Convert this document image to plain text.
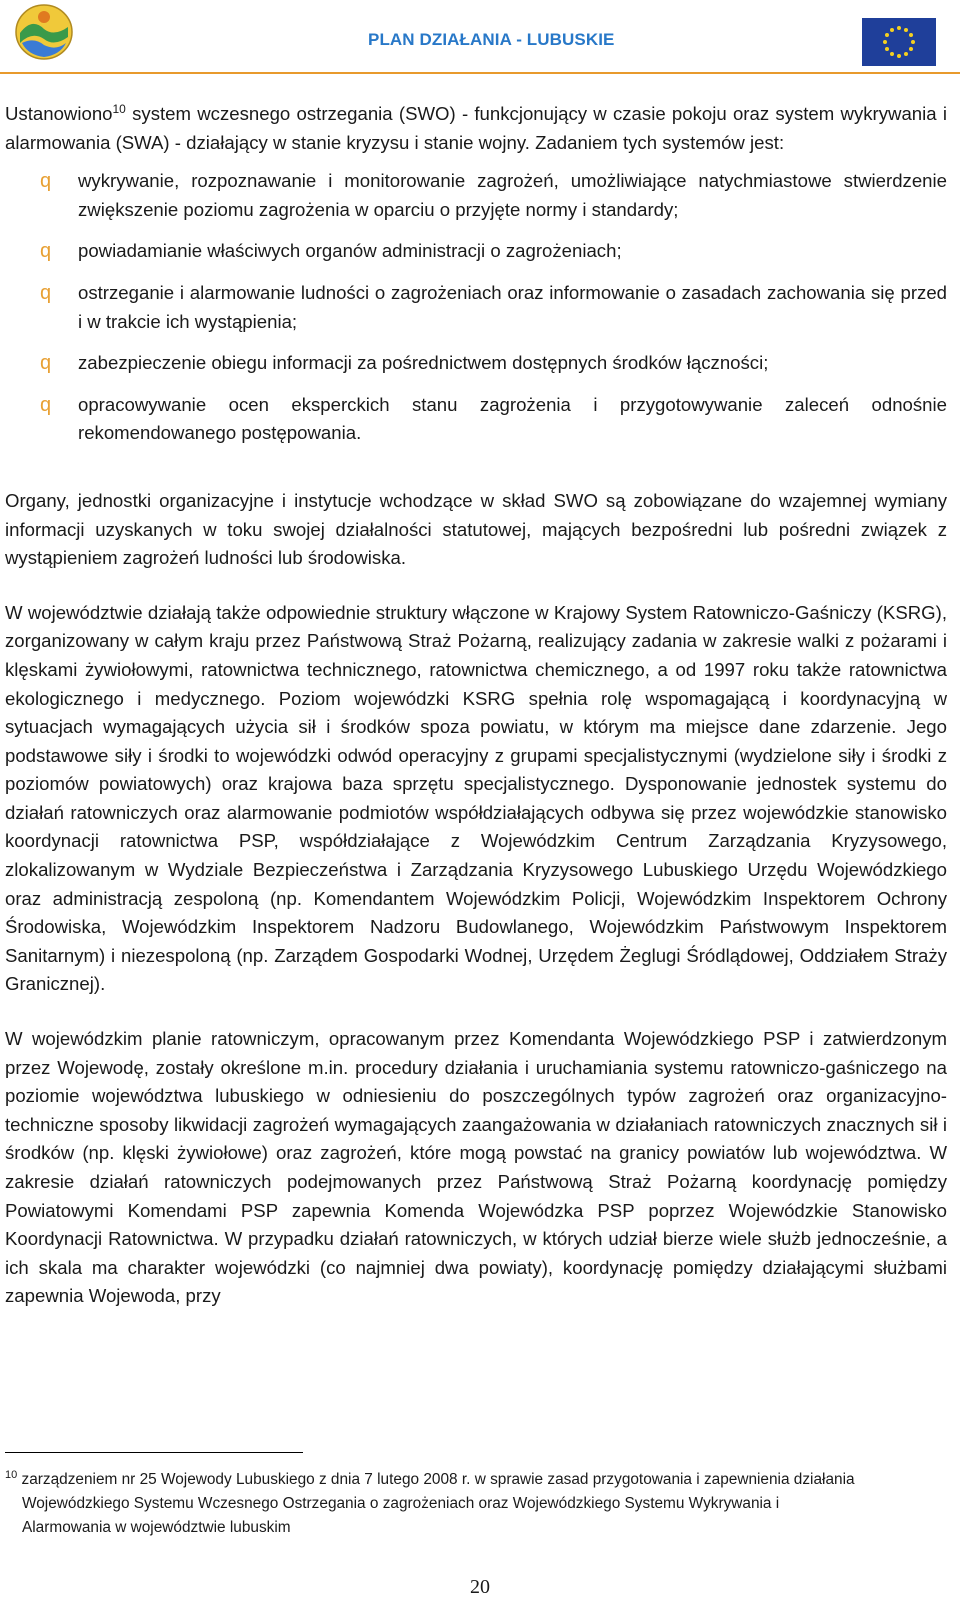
PLAN DZIAŁANIA - LUBUSKIE

Ustanowiono$^{10}$ system wczesnego ostrzegania (SWO) - funkcjonujący w czasie pokoju oraz system wykrywania i alarmowania (SWA) - działający w stanie kryzysu i stanie wojny. Zadaniem tych systemów jest:

q wykrywanie, rozpoznawanie i monitorowanie zagrożeń, umożliwiające natychmiastowe stwierdzenie zwiększenie poziomu zagrożenia w oparciu o przyjęte normy i standardy;
q powiadamianie właściwych organów administracji o zagrożeniach;
q ostrzeganie i alarmowanie ludności o zagrożeniach oraz informowanie o zasadach zachowania się przed i w trakcie ich wystąpienia;
q zabezpieczenie obiegu informacji za pośrednictwem dostępnych środków łączności;
q opracowywanie ocen eksperckich stanu zagrożenia i przygotowywanie zaleceń odnośnie rekomendowanego postępowania.

Organy, jednostki organizacyjne i instytucje wchodzące w skład SWO są zobowiązane do wzajemnej wymiany informacji uzyskanych w toku swojej działalności statutowej, mających bezpośredni lub pośredni związek z wystąpieniem zagrożeń ludności lub środowiska.

W województwie działają także odpowiednie struktury włączone w Krajowy System Ratowniczo-Gaśniczy (KSRG), zorganizowany w całym kraju przez Państwową Straż Pożarną, realizujący zadania w zakresie walki z pożarami i klęskami żywiołowymi, ratownictwa technicznego, ratownictwa chemicznego, a od 1997 roku także ratownictwa ekologicznego i medycznego. Poziom wojewódzki KSRG spełnia rolę wspomagającą i koordynacyjną w sytuacjach wymagających użycia sił i środków spoza powiatu, w którym ma miejsce dane zdarzenie. Jego podstawowe siły i środki to wojewódzki odwód operacyjny z grupami specjalistycznymi (wydzielone siły i środki z poziomów powiatowych) oraz krajowa baza sprzętu specjalistycznego. Dysponowanie jednostek systemu do działań ratowniczych oraz alarmowanie podmiotów współdziałających odbywa się przez wojewódzkie stanowisko koordynacji ratownictwa PSP, współdziałające z Wojewódzkim Centrum Zarządzania Kryzysowego, zlokalizowanym w Wydziale Bezpieczeństwa i Zarządzania Kryzysowego Lubuskiego Urzędu Wojewódzkiego oraz administracją zespoloną (np. Komendantem Wojewódzkim Policji, Wojewódzkim Inspektorem Ochrony Środowiska, Wojewódzkim Inspektorem Nadzoru Budowlanego, Wojewódzkim Państwowym Inspektorem Sanitarnym) i niezespoloną (np. Zarządem Gospodarki Wodnej, Urzędem Żeglugi Śródlądowej, Oddziałem Straży Granicznej).

W wojewódzkim planie ratowniczym, opracowanym przez Komendanta Wojewódzkiego PSP i zatwierdzonym przez Wojewodę, zostały określone m.in. procedury działania i uruchamiania systemu ratowniczo-gaśniczego na poziomie województwa lubuskiego w odniesieniu do poszczególnych typów zagrożeń oraz organizacyjno-techniczne sposoby likwidacji zagrożeń wymagających zaangażowania w działaniach ratowniczych znacznych sił i środków (np. klęski żywiołowe) oraz zagrożeń, które mogą powstać na granicy powiatów lub województwa. W zakresie działań ratowniczych podejmowanych przez Państwową Straż Pożarną koordynację pomiędzy Powiatowymi Komendami PSP zapewnia Komenda Wojewódzka PSP poprzez Wojewódzkie Stanowisko Koordynacji Ratownictwa. W przypadku działań ratowniczych, w których udział bierze wiele służb jednocześnie, a ich skala ma charakter wojewódzki (co najmniej dwa powiaty), koordynację pomiędzy działającymi służbami zapewnia Wojewoda, przy

$^{10}$ zarządzeniem nr 25 Wojewody Lubuskiego z dnia 7 lutego 2008 r. w sprawie zasad przygotowania i zapewnienia działania
Wojewódzkiego Systemu Wczesnego Ostrzegania o zagrożeniach oraz Wojewódzkiego Systemu Wykrywania i
Alarmowania w województwie lubuskim
20
